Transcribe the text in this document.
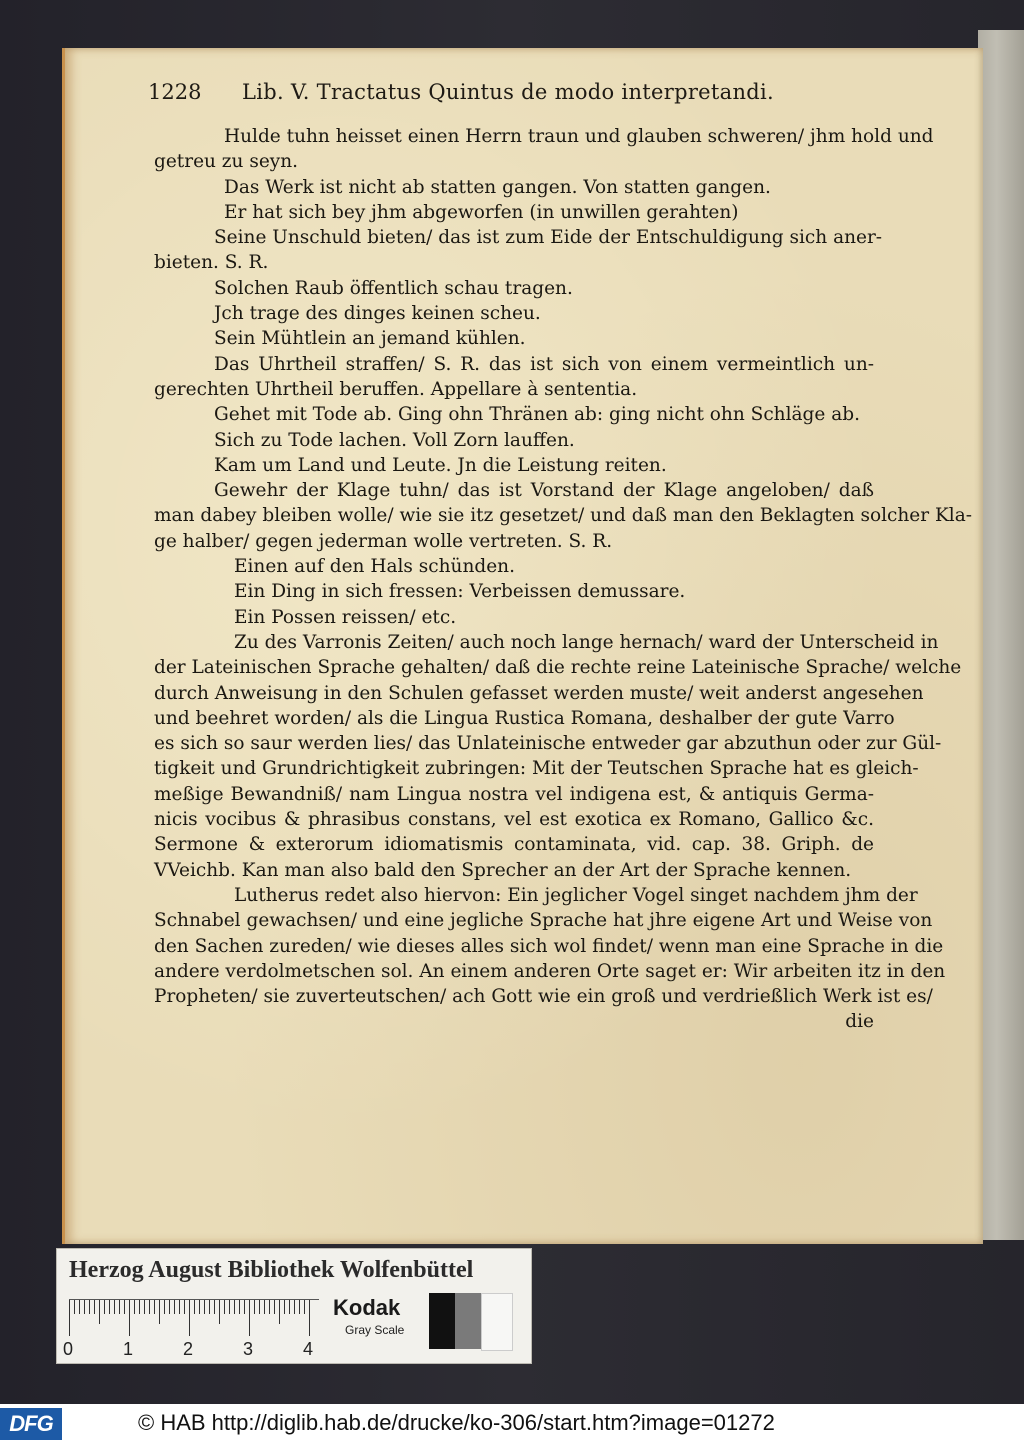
1228	Lib. V. Tractatus Quintus de modo interpretandi.
Hulde tuhn heisset einen Herrn traun und glauben schweren/ jhm hold und
getreu zu seyn.
Das Werk ist nicht ab statten gangen. Von statten gangen.
Er hat sich bey jhm abgeworfen (in unwillen gerahten)
Seine Unschuld bieten/ das ist zum Eide der Entschuldigung sich aner-
bieten. S. R.
Solchen Raub öffentlich schau tragen.
Jch trage des dinges keinen scheu.
Sein Mühtlein an jemand kühlen.
Das Uhrtheil straffen/ S. R. das ist sich von einem vermeintlich un-
gerechten Uhrtheil beruffen. Appellare à sententia.
Gehet mit Tode ab. Ging ohn Thränen ab: ging nicht ohn Schläge ab.
Sich zu Tode lachen. Voll Zorn lauffen.
Kam um Land und Leute. Jn die Leistung reiten.
Gewehr der Klage tuhn/ das ist Vorstand der Klage angeloben/ daß
man dabey bleiben wolle/ wie sie itz gesetzet/ und daß man den Beklagten solcher Kla-
ge halber/ gegen jederman wolle vertreten. S. R.
Einen auf den Hals schünden.
Ein Ding in sich fressen: Verbeissen demussare.
Ein Possen reissen/ etc.
Zu des Varronis Zeiten/ auch noch lange hernach/ ward der Unterscheid in
der Lateinischen Sprache gehalten/ daß die rechte reine Lateinische Sprache/ welche
durch Anweisung in den Schulen gefasset werden muste/ weit anderst angesehen
und beehret worden/ als die Lingua Rustica Romana, deshalber der gute Varro
es sich so saur werden lies/ das Unlateinische entweder gar abzuthun oder zur Gül-
tigkeit und Grundrichtigkeit zubringen: Mit der Teutschen Sprache hat es gleich-
meßige Bewandniß/ nam Lingua nostra vel indigena est, & antiquis Germa-
nicis vocibus & phrasibus constans, vel est exotica ex Romano, Gallico &c.
Sermone & exterorum idiomatismis contaminata, vid. cap. 38. Griph. de
VVeichb. Kan man also bald den Sprecher an der Art der Sprache kennen.
Lutherus redet also hiervon: Ein jeglicher Vogel singet nachdem jhm der
Schnabel gewachsen/ und eine jegliche Sprache hat jhre eigene Art und Weise von
den Sachen zureden/ wie dieses alles sich wol findet/ wenn man eine Sprache in die
andere verdolmetschen sol. An einem anderen Orte saget er: Wir arbeiten itz in den
Propheten/ sie zuverteutschen/ ach Gott wie ein groß und verdrießlich Werk ist es/
die
Herzog August Bibliothek Wolfenbüttel
0	1	2	3	4
Kodak
Gray Scale
DFG	© HAB http://diglib.hab.de/drucke/ko-306/start.htm?image=01272
